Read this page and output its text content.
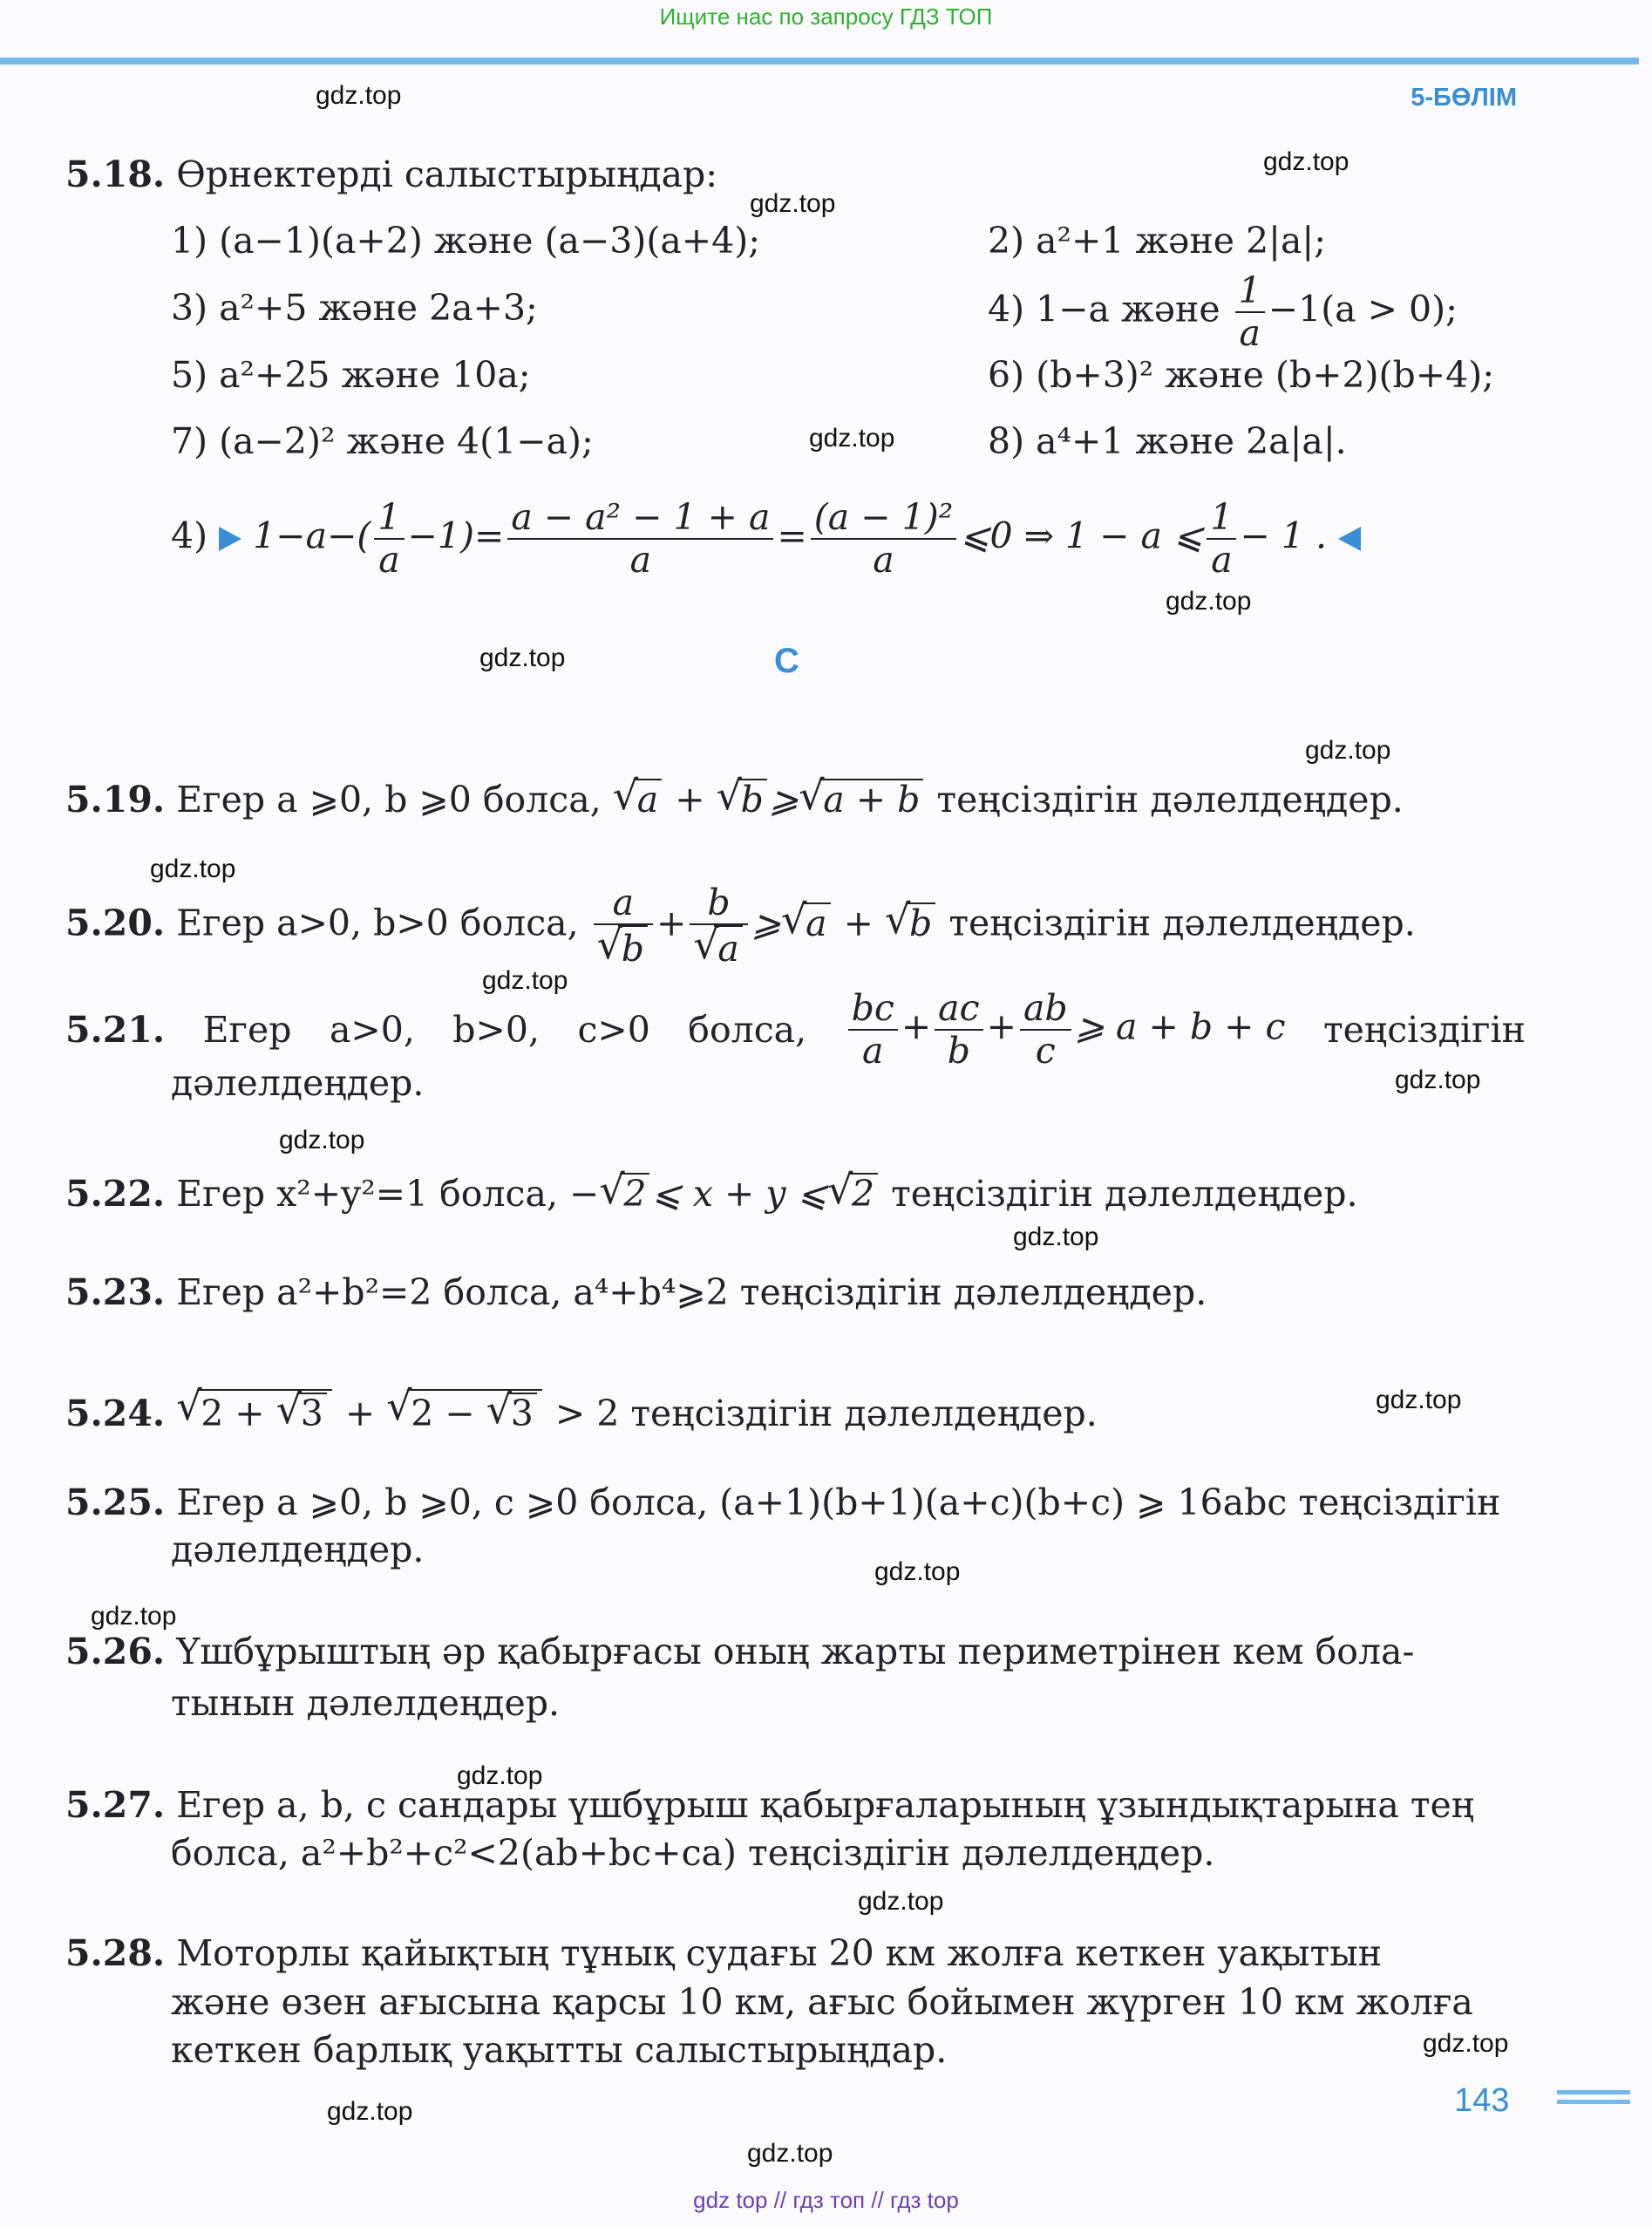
Ищите нас по запросу ГДЗ ТОП
5-БӨЛІМ
gdz.top
gdz.top
gdz.top
gdz.top
gdz.top
gdz.top
gdz.top
gdz.top
gdz.top
gdz.top
gdz.top
gdz.top
gdz.top
gdz.top
gdz.top
gdz.top
gdz.top
gdz.top
gdz.top
gdz.top
5.18. Өрнектерді салыстырыңдар:
1) (a−1)(a+2) және (a−3)(a+4);	2) a²+1 және 2|a|;
3) a²+5 және 2a+3;	4) 1−a және $\frac{1}{a} -1(a > 0)$;
5) a²+25 және 10a;	6) (b+3)² және (b+2)(b+4);
7) (a−2)² және 4(1−a);	8) a⁴+1 және 2a|a|.
4) $1-a-( \frac{1}{a} -1)= \frac{\text{a − a² − 1 + a}}{a} = \frac{\text{(a − 1)²}}{a}$ ⩽0 ⇒ 1 − a ⩽ $\frac{1}{a} - 1$ .
C
5.19. Егер a ⩾0, b ⩾0 болса, √ a + √ b ⩾ √ a + b теңсіздігін дәлелдеңдер.
5.20. Егер a>0, b>0 болса, a
√ b + b
√ a ⩾ √ a + √ b теңсіздігін дәлелдеңдер.
5.21. Егер a>0, b>0, c>0 болса, $\frac{bc}{a} + \frac{ac}{b} + \frac{ab}{c}$ ⩾ a + b + c теңсіздігін
дәлелдеңдер.
5.22. Егер x²+y²=1 болса, − √ 2 ⩽ x + y ⩽ √ 2 теңсіздігін дәлелдеңдер.
5.23. Егер a²+b²=2 болса, a⁴+b⁴⩾2 теңсіздігін дәлелдеңдер.
5.24. √ 2 + √ 3 + √ 2 − √ 3 > 2 теңсіздігін дәлелдеңдер.
5.25. Егер a ⩾0, b ⩾0, c ⩾0 болса, (a+1)(b+1)(a+c)(b+c) ⩾ 16abc теңсіздігін
дәлелдеңдер.
5.26. Үшбұрыштың әр қабырғасы оның жарты периметрінен кем бола-
тынын дәлелдеңдер.
5.27. Егер a, b, c сандары үшбұрыш қабырғаларының ұзындықтарына тең
болса, a²+b²+c²<2(ab+bc+ca) теңсіздігін дәлелдеңдер.
5.28. Моторлы қайықтың тұнық судағы 20 км жолға кеткен уақытын
және өзен ағысына қарсы 10 км, ағыс бойымен жүрген 10 км жолға
кеткен барлық уақытты салыстырыңдар.
143
gdz top // гдз топ // гдз top
